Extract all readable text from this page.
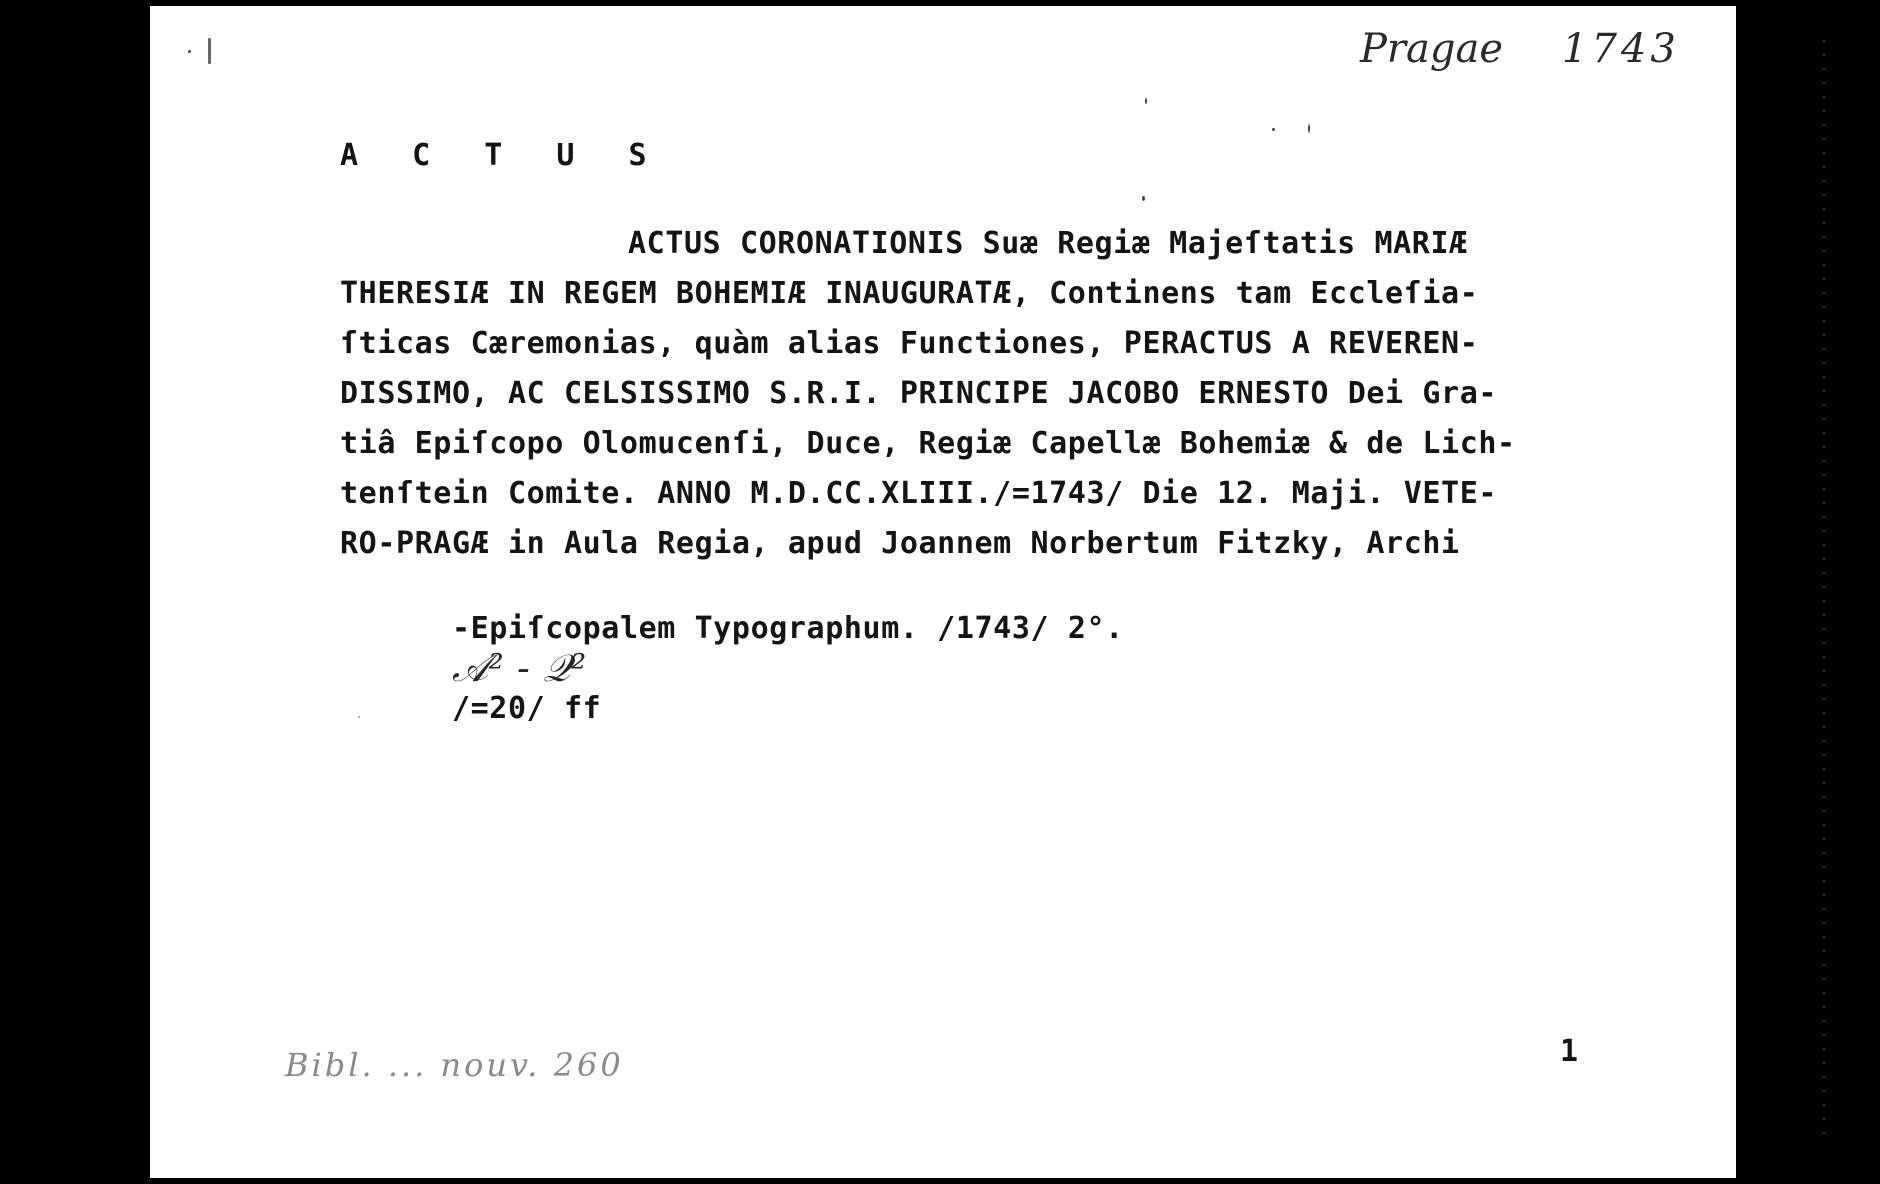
Pragae 1743
A C T U S
ACTUS CORONATIONIS Suæ Regiæ Majeſtatis MARIÆ
THERESIÆ IN REGEM BOHEMIÆ INAUGURATÆ, Continens tam Eccleſia-
ſticas Cæremonias, quàm alias Functiones, PERACTUS A REVEREN-
DISSIMO, AC CELSISSIMO S.R.I. PRINCIPE JACOBO ERNESTO Dei Gra-
tiâ Epiſcopo Olomucenſi, Duce, Regiæ Capellæ Bohemiæ & de Lich-
tenſtein Comite. ANNO M.D.CC.XLIII./=1743/ Die 12. Maji. VETE-
RO-PRAGÆ in Aula Regia, apud Joannem Norbertum Fitzky, Archi

-Epiſcopalem Typographum. /1743/ 2°.
𝒜² - 𝒬²
/=20/ ff

1
Bibl. ... nouv. 260
